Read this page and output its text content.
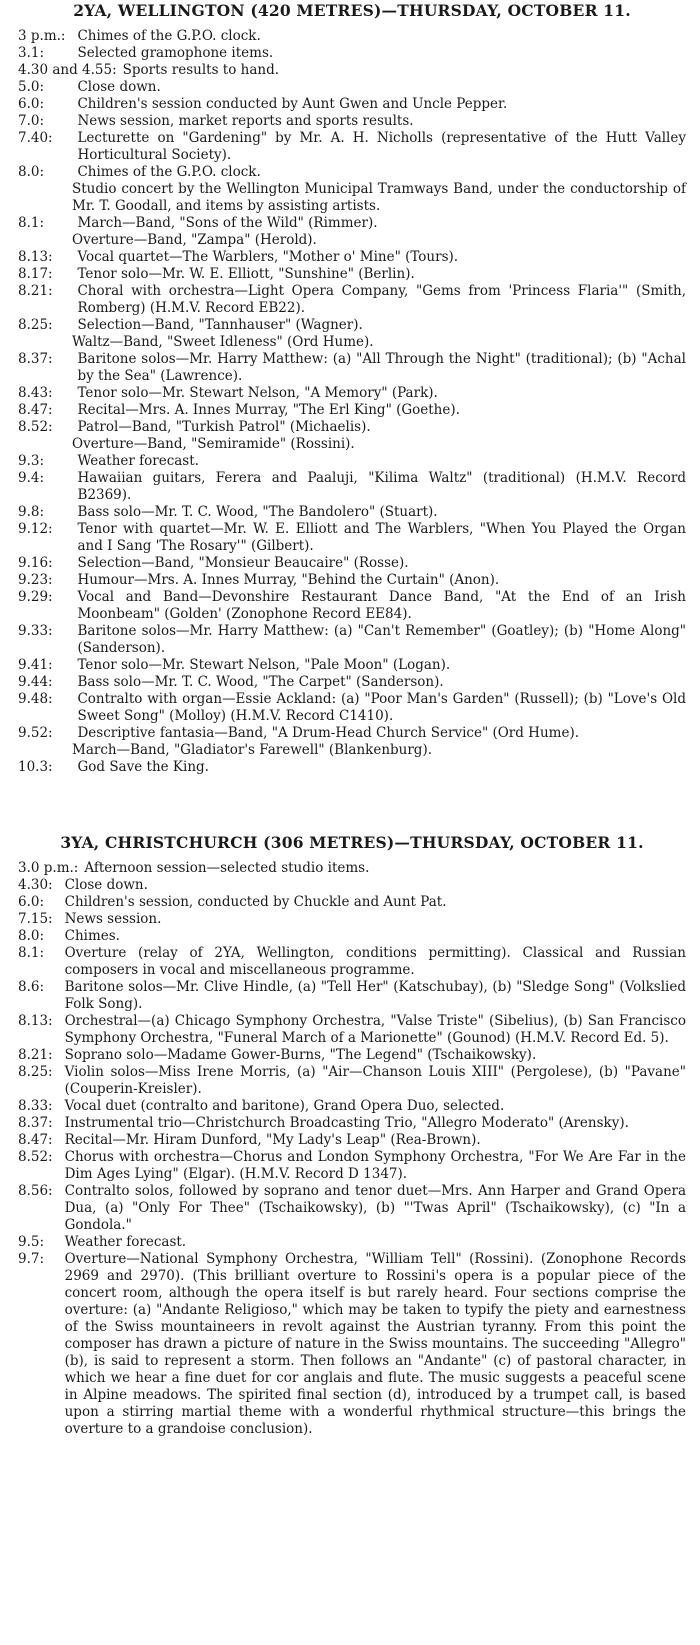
2YA, WELLINGTON (420 METRES)—THURSDAY, OCTOBER 11.
3 p.m.: Chimes of the G.P.O. clock.
3.1:	Selected gramophone items.
4.30 and 4.55: Sports results to hand.
5.0:	Close down.
6.0:	Children's session conducted by Aunt Gwen and Uncle Pepper.
7.0:	News session, market reports and sports results.
7.40:	Lecturette on "Gardening" by Mr. A. H. Nicholls (representative of the Hutt Valley Horticultural Society).
8.0:	Chimes of the G.P.O. clock.
Studio concert by the Wellington Municipal Tramways Band, under the conductorship of Mr. T. Goodall, and items by assisting artists.
8.1:	March—Band, "Sons of the Wild" (Rimmer).
Overture—Band, "Zampa" (Herold).
8.13:	Vocal quartet—The Warblers, "Mother o' Mine" (Tours).
8.17:	Tenor solo—Mr. W. E. Elliott, "Sunshine" (Berlin).
8.21:	Choral with orchestra—Light Opera Company, "Gems from 'Princess Flaria'" (Smith, Romberg) (H.M.V. Record EB22).
8.25:	Selection—Band, "Tannhauser" (Wagner).
Waltz—Band, "Sweet Idleness" (Ord Hume).
8.37:	Baritone solos—Mr. Harry Matthew: (a) "All Through the Night" (traditional); (b) "Achal by the Sea" (Lawrence).
8.43:	Tenor solo—Mr. Stewart Nelson, "A Memory" (Park).
8.47:	Recital—Mrs. A. Innes Murray, "The Erl King" (Goethe).
8.52:	Patrol—Band, "Turkish Patrol" (Michaelis).
Overture—Band, "Semiramide" (Rossini).
9.3:	Weather forecast.
9.4:	Hawaiian guitars, Ferera and Paaluji, "Kilima Waltz" (traditional) (H.M.V. Record B2369).
9.8:	Bass solo—Mr. T. C. Wood, "The Bandolero" (Stuart).
9.12:	Tenor with quartet—Mr. W. E. Elliott and The Warblers, "When You Played the Organ and I Sang 'The Rosary'" (Gilbert).
9.16:	Selection—Band, "Monsieur Beaucaire" (Rosse).
9.23:	Humour—Mrs. A. Innes Murray, "Behind the Curtain" (Anon).
9.29:	Vocal and Band—Devonshire Restaurant Dance Band, "At the End of an Irish Moonbeam" (Golden' (Zonophone Record EE84).
9.33:	Baritone solos—Mr. Harry Matthew: (a) "Can't Remember" (Goatley); (b) "Home Along" (Sanderson).
9.41:	Tenor solo—Mr. Stewart Nelson, "Pale Moon" (Logan).
9.44:	Bass solo—Mr. T. C. Wood, "The Carpet" (Sanderson).
9.48:	Contralto with organ—Essie Ackland: (a) "Poor Man's Garden" (Russell); (b) "Love's Old Sweet Song" (Molloy) (H.M.V. Record C1410).
9.52:	Descriptive fantasia—Band, "A Drum-Head Church Service" (Ord Hume).
March—Band, "Gladiator's Farewell" (Blankenburg).
10.3:	God Save the King.
3YA, CHRISTCHURCH (306 METRES)—THURSDAY, OCTOBER 11.
3.0 p.m.: Afternoon session—selected studio items.
4.30: Close down.
6.0:	Children's session, conducted by Chuckle and Aunt Pat.
7.15: News session.
8.0:	Chimes.
8.1:	Overture (relay of 2YA, Wellington, conditions permitting). Classical and Russian composers in vocal and miscellaneous programme.
8.6:	Baritone solos—Mr. Clive Hindle, (a) "Tell Her" (Katschubay), (b) "Sledge Song" (Volkslied Folk Song).
8.13: Orchestral—(a) Chicago Symphony Orchestra, "Valse Triste" (Sibelius), (b) San Francisco Symphony Orchestra, "Funeral March of a Marionette" (Gounod) (H.M.V. Record Ed. 5).
8.21: Soprano solo—Madame Gower-Burns, "The Legend" (Tschaikowsky).
8.25: Violin solos—Miss Irene Morris, (a) "Air—Chanson Louis XIII" (Pergolese), (b) "Pavane" (Couperin-Kreisler).
8.33: Vocal duet (contralto and baritone), Grand Opera Duo, selected.
8.37: Instrumental trio—Christchurch Broadcasting Trio, "Allegro Moderato" (Arensky).
8.47: Recital—Mr. Hiram Dunford, "My Lady's Leap" (Rea-Brown).
8.52: Chorus with orchestra—Chorus and London Symphony Orchestra, "For We Are Far in the Dim Ages Lying" (Elgar). (H.M.V. Record D 1347).
8.56: Contralto solos, followed by soprano and tenor duet—Mrs. Ann Harper and Grand Opera Dua, (a) "Only For Thee" (Tschaikowsky), (b) "'Twas April" (Tschaikowsky), (c) "In a Gondola."
9.5:	Weather forecast.
9.7:	Overture—National Symphony Orchestra, "William Tell" (Rossini). (Zonophone Records 2969 and 2970). (This brilliant overture to Rossini's opera is a popular piece of the concert room, although the opera itself is but rarely heard. Four sections comprise the overture: (a) "Andante Religioso," which may be taken to typify the piety and earnestness of the Swiss mountaineers in revolt against the Austrian tyranny. From this point the composer has drawn a picture of nature in the Swiss mountains. The succeeding "Allegro" (b), is said to represent a storm. Then follows an "Andante" (c) of pastoral character, in which we hear a fine duet for cor anglais and flute. The music suggests a peaceful scene in Alpine meadows. The spirited final section (d), introduced by a trumpet call, is based upon a stirring martial theme with a wonderful rhythmical structure—this brings the overture to a grandoise conclusion).
